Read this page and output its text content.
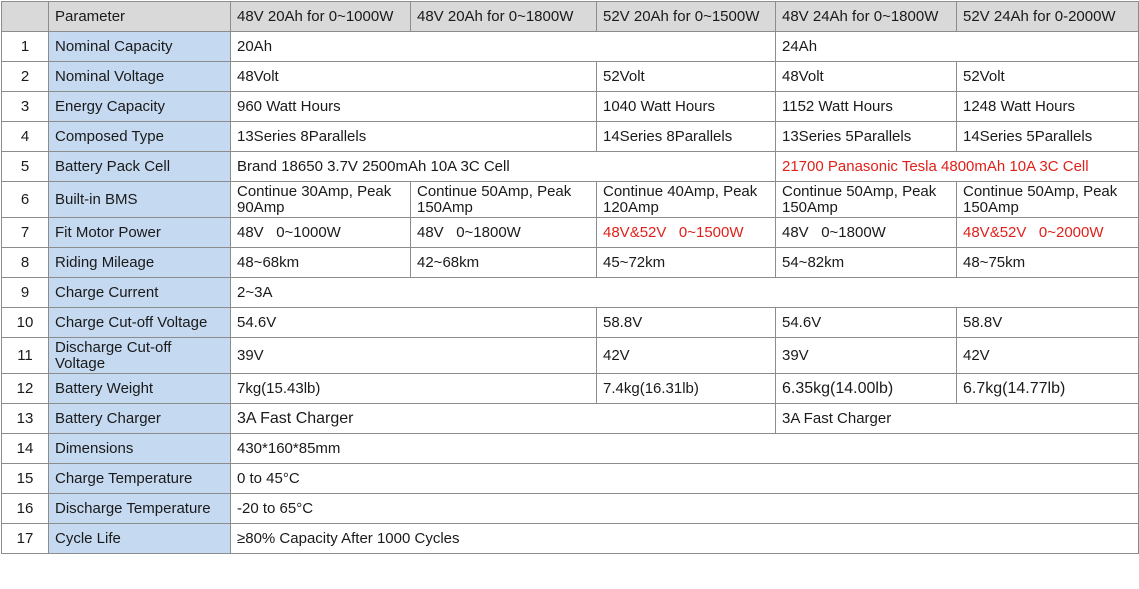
	Parameter	48V 20Ah for 0~1000W	48V 20Ah for 0~1800W	52V 20Ah for 0~1500W	48V 24Ah for 0~1800W	52V 24Ah for 0-2000W
1	Nominal Capacity	20Ah			24Ah	
2	Nominal Voltage	48Volt		52Volt	48Volt	52Volt
3	Energy Capacity	960 Watt Hours		1040 Watt Hours	1152 Watt Hours	1248 Watt Hours
4	Composed Type	13Series 8Parallels		14Series 8Parallels	13Series 5Parallels	14Series 5Parallels
5	Battery Pack Cell	Brand 18650 3.7V 2500mAh 10A 3C Cell			21700 Panasonic Tesla 4800mAh 10A 3C Cell	
6	Built-in BMS	Continue 30Amp, Peak 90Amp	Continue 50Amp, Peak 150Amp	Continue 40Amp, Peak 120Amp	Continue 50Amp, Peak 150Amp	Continue 50Amp, Peak 150Amp
7	Fit Motor Power	48V   0~1000W	48V   0~1800W	48V&52V   0~1500W	48V   0~1800W	48V&52V   0~2000W
8	Riding Mileage	48~68km	42~68km	45~72km	54~82km	48~75km
9	Charge Current	2~3A				
10	Charge Cut-off Voltage	54.6V		58.8V	54.6V	58.8V
11	Discharge Cut-off Voltage	39V		42V	39V	42V
12	Battery Weight	7kg(15.43lb)		7.4kg(16.31lb)	6.35kg(14.00lb)	6.7kg(14.77lb)
13	Battery Charger	3A Fast Charger			3A Fast Charger	
14	Dimensions	430*160*85mm				
15	Charge Temperature	0 to 45°C				
16	Discharge Temperature	-20 to 65°C				
17	Cycle Life	≥80% Capacity After 1000 Cycles				
